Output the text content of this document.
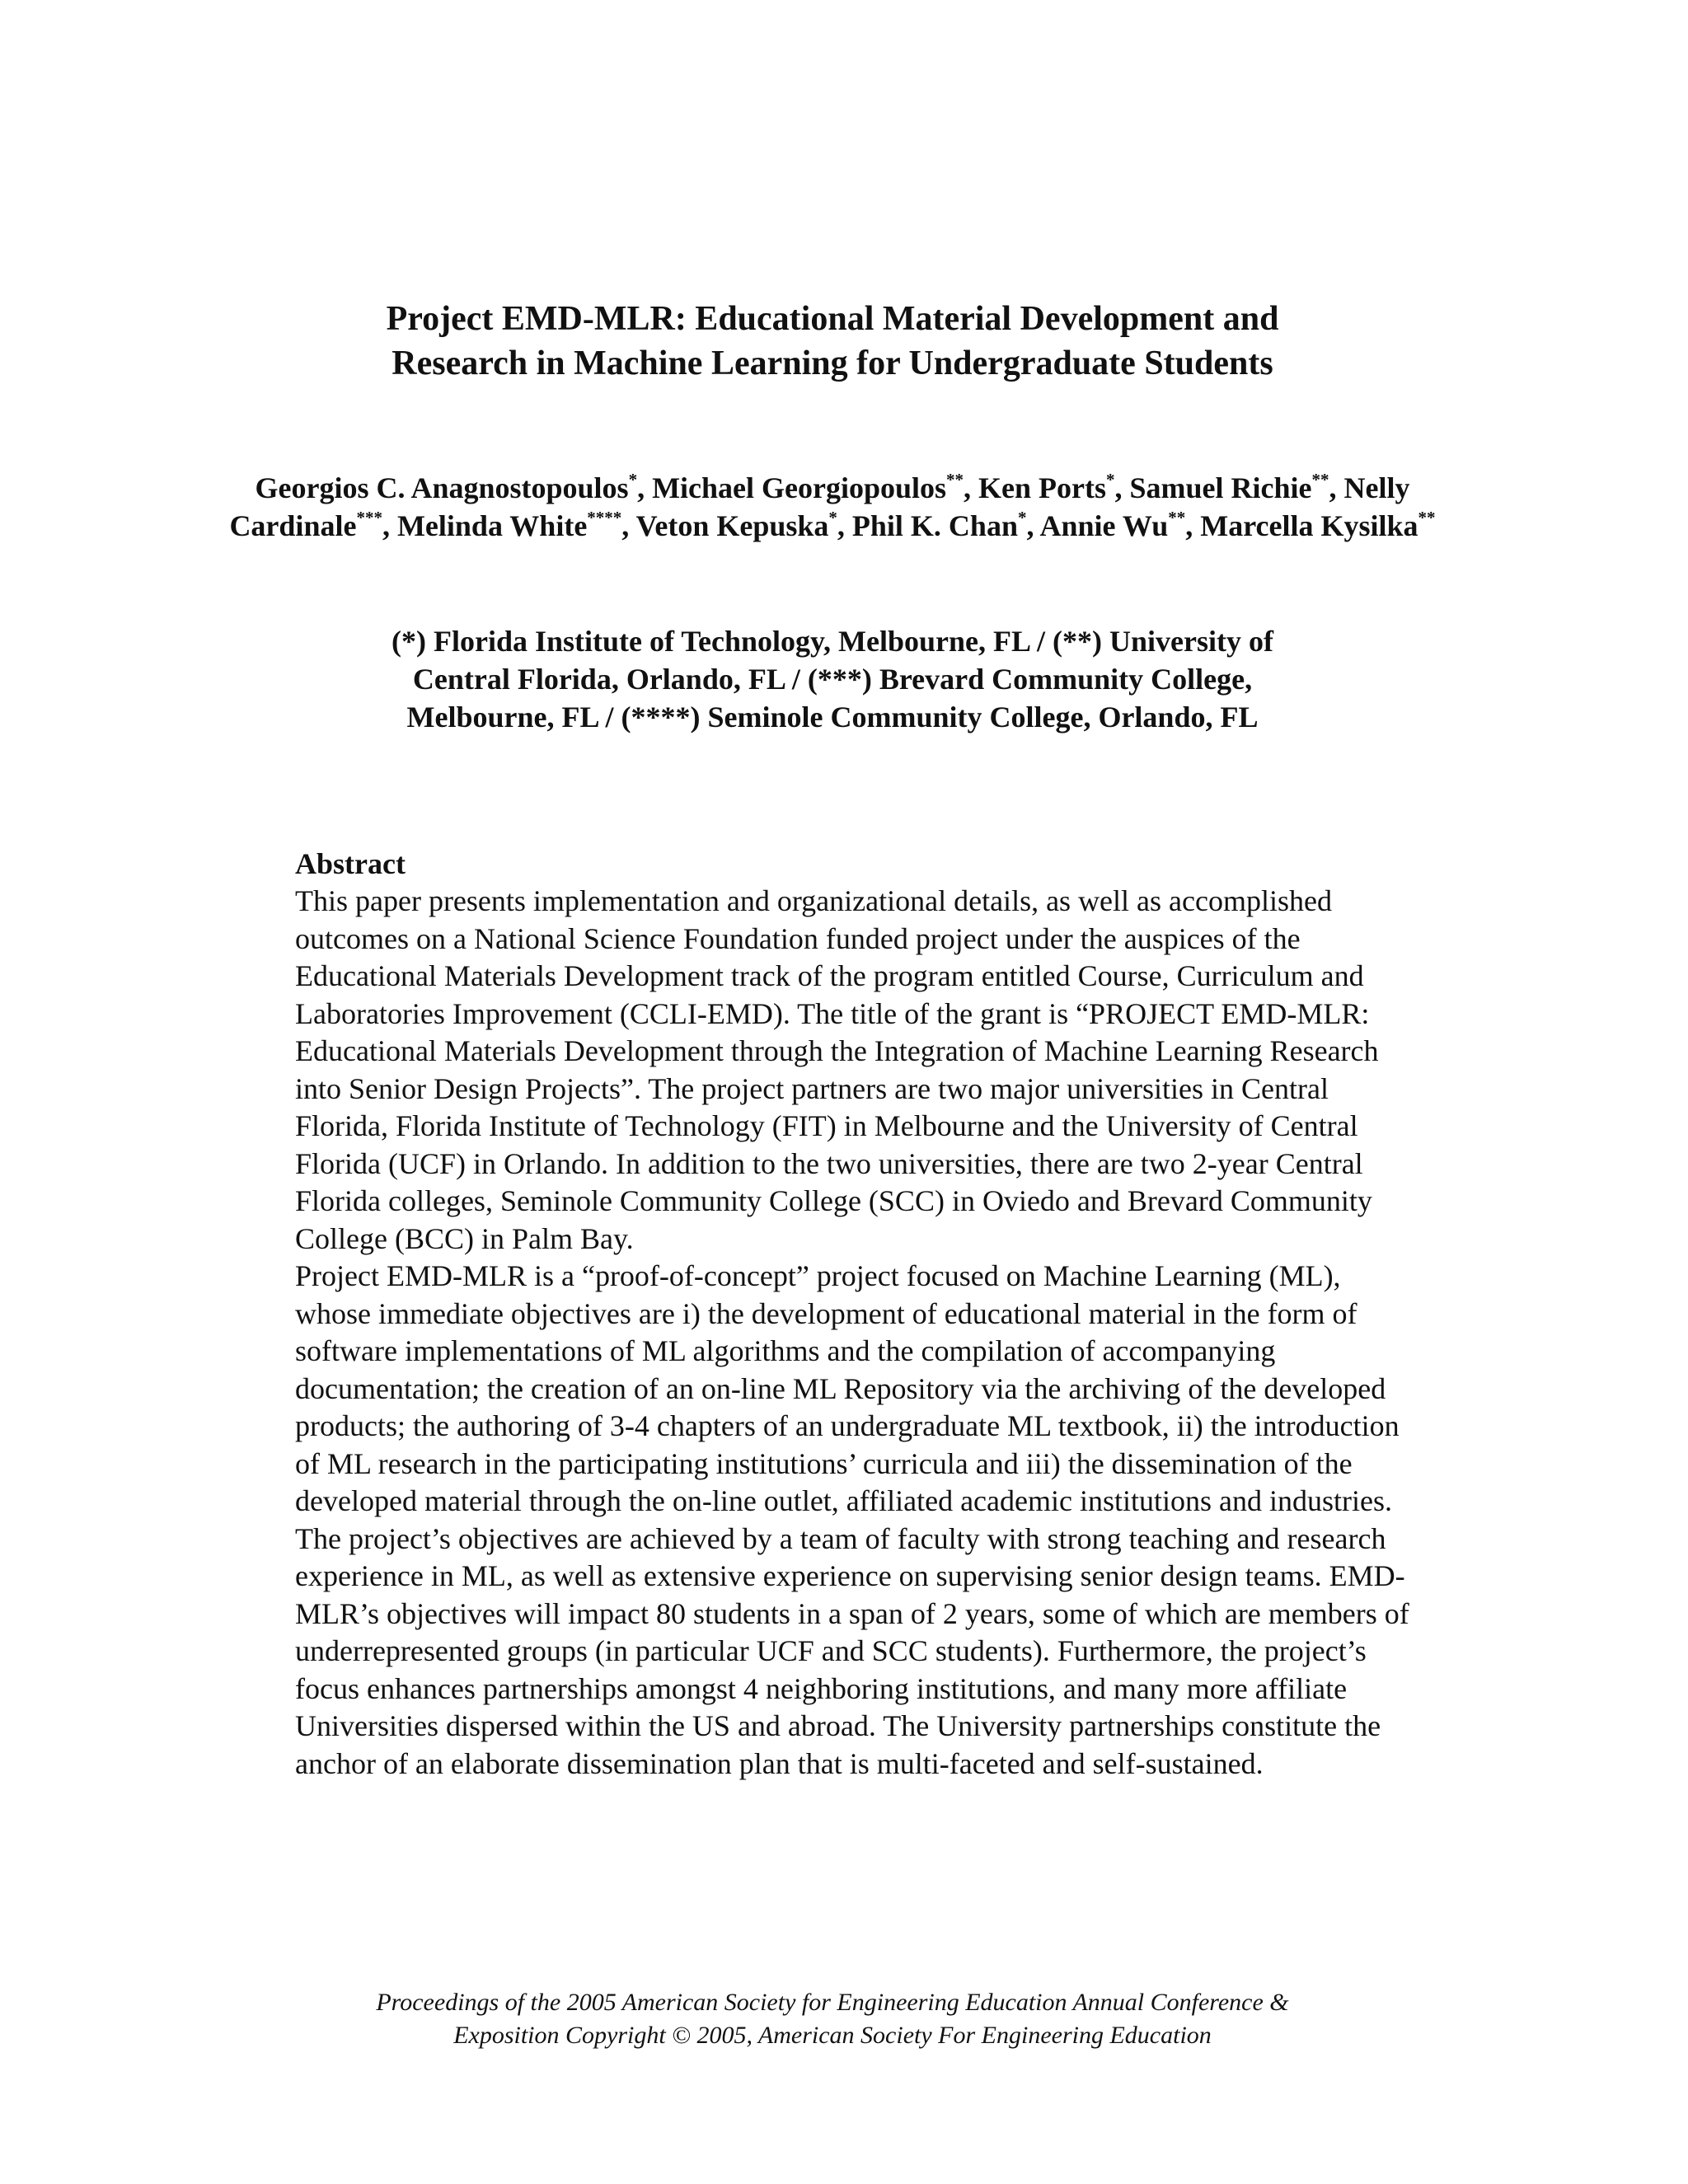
Project EMD-MLR: Educational Material Development and
Research in Machine Learning for Undergraduate Students
Georgios C. Anagnostopoulos*, Michael Georgiopoulos**, Ken Ports*, Samuel Richie**, Nelly Cardinale***, Melinda White****, Veton Kepuska*, Phil K. Chan*, Annie Wu**, Marcella Kysilka**
(*) Florida Institute of Technology, Melbourne, FL / (**) University of
Central Florida, Orlando, FL / (***) Brevard Community College,
Melbourne, FL / (****) Seminole Community College, Orlando, FL
Abstract

This paper presents implementation and organizational details, as well as accomplished outcomes on a National Science Foundation funded project under the auspices of the Educational Materials Development track of the program entitled Course, Curriculum and Laboratories Improvement (CCLI-EMD). The title of the grant is “PROJECT EMD-MLR: Educational Materials Development through the Integration of Machine Learning Research into Senior Design Projects”. The project partners are two major universities in Central Florida, Florida Institute of Technology (FIT) in Melbourne and the University of Central Florida (UCF) in Orlando. In addition to the two universities, there are two 2-year Central Florida colleges, Seminole Community College (SCC) in Oviedo and Brevard Community College (BCC) in Palm Bay.

Project EMD-MLR is a “proof-of-concept” project focused on Machine Learning (ML), whose immediate objectives are i) the development of educational material in the form of software implementations of ML algorithms and the compilation of accompanying documentation; the creation of an on-line ML Repository via the archiving of the developed products; the authoring of 3-4 chapters of an undergraduate ML textbook, ii) the introduction of ML research in the participating institutions’ curricula and iii) the dissemination of the developed material through the on-line outlet, affiliated academic institutions and industries. The project’s objectives are achieved by a team of faculty with strong teaching and research experience in ML, as well as extensive experience on supervising senior design teams. EMD-MLR’s objectives will impact 80 students in a span of 2 years, some of which are members of underrepresented groups (in particular UCF and SCC students). Furthermore, the project’s focus enhances partnerships amongst 4 neighboring institutions, and many more affiliate Universities dispersed within the US and abroad. The University partnerships constitute the anchor of an elaborate dissemination plan that is multi-faceted and self-sustained.

Proceedings of the 2005 American Society for Engineering Education Annual Conference &
Exposition Copyright © 2005, American Society For Engineering Education
